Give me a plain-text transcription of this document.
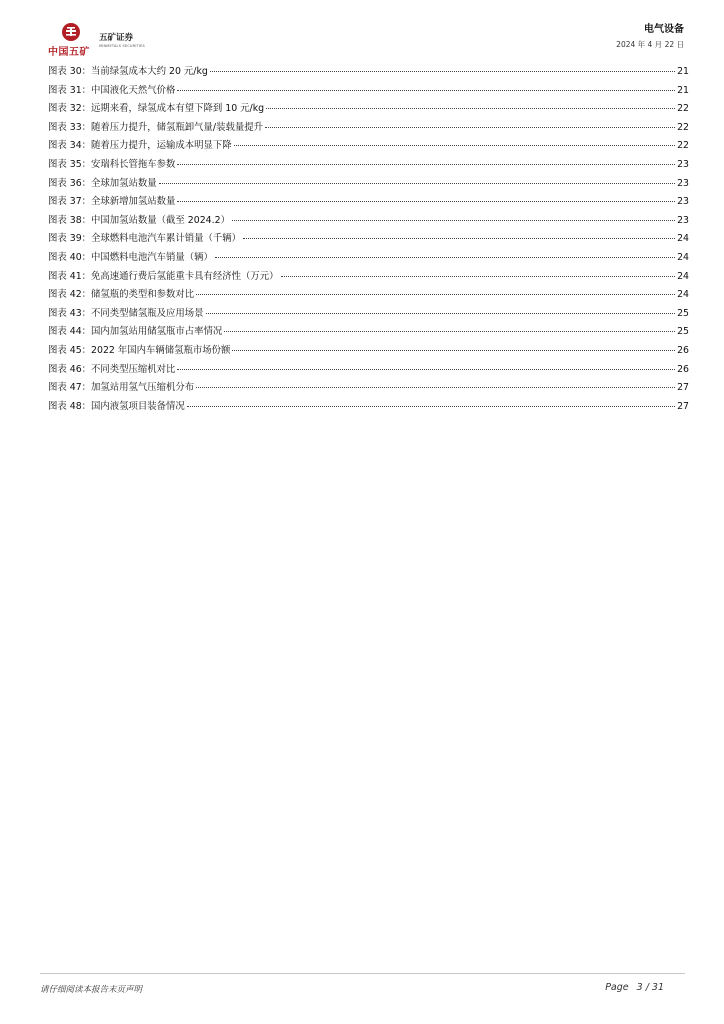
中国五矿
五矿证券
MINMETALS SECURITIES
电气设备
2024 年 4 月 22 日
图表 30：当前绿氢成本大约 20 元/kg	21
图表 31：中国液化天然气价格	21
图表 32：远期来看，绿氢成本有望下降到 10 元/kg	22
图表 33：随着压力提升，储氢瓶卸气量/装载量提升	22
图表 34：随着压力提升，运输成本明显下降	22
图表 35：安瑞科长管拖车参数	23
图表 36：全球加氢站数量	23
图表 37：全球新增加氢站数量	23
图表 38：中国加氢站数量（截至 2024.2）	23
图表 39：全球燃料电池汽车累计销量（千辆）	24
图表 40：中国燃料电池汽车销量（辆）	24
图表 41：免高速通行费后氢能重卡具有经济性（万元）	24
图表 42：储氢瓶的类型和参数对比	24
图表 43：不同类型储氢瓶及应用场景	25
图表 44：国内加氢站用储氢瓶市占率情况	25
图表 45：2022 年国内车辆储氢瓶市场份额	26
图表 46：不同类型压缩机对比	26
图表 47：加氢站用氢气压缩机分布	27
图表 48：国内液氢项目装备情况	27
请仔细阅读本报告末页声明	Page 3 / 31
